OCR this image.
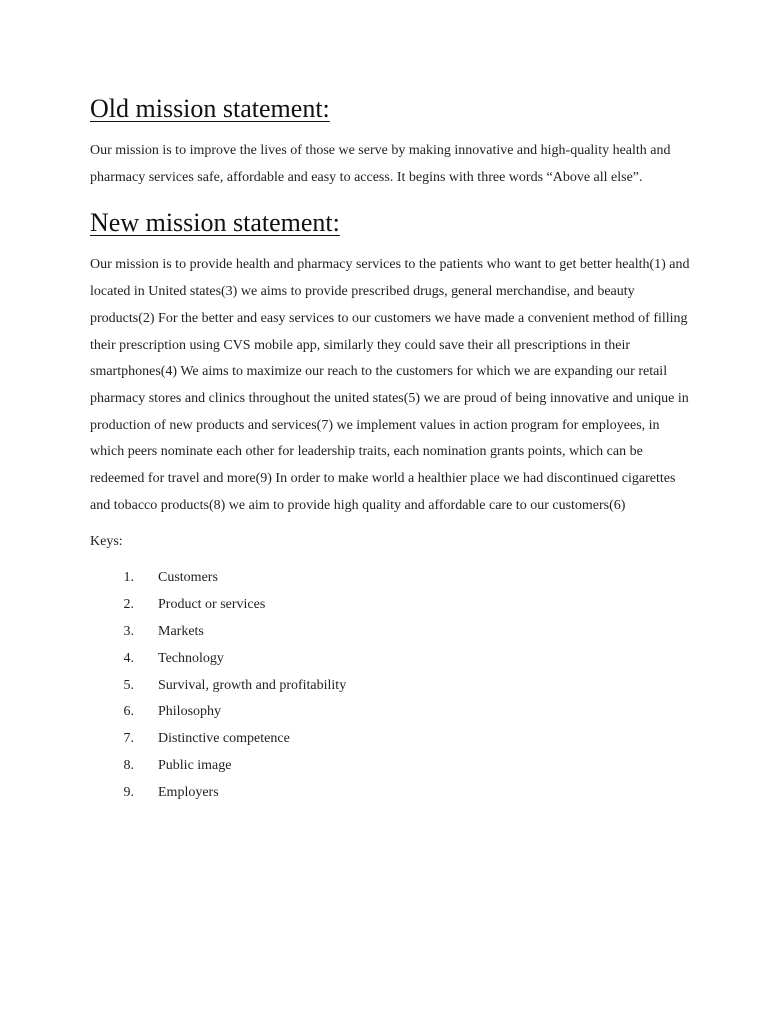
Old mission statement:

Our mission is to improve the lives of those we serve by making innovative and high-quality health and pharmacy services safe, affordable and easy to access. It begins with three words “Above all else”.

New mission statement:

Our mission is to provide health and pharmacy services to the patients who want to get better health(1) and located in United states(3) we aims to provide prescribed drugs, general merchandise, and beauty products(2) For the better and easy services to our customers we have made a convenient method of filling their prescription using CVS mobile app, similarly they could save their all prescriptions in their smartphones(4) We aims to maximize our reach to the customers for which we are expanding our retail pharmacy stores and clinics throughout the united states(5) we are proud of being innovative and unique in production of new products and services(7) we implement values in action program for employees, in which peers nominate each other for leadership traits, each nomination grants points, which can be redeemed for travel and more(9) In order to make world a healthier place we had discontinued cigarettes and tobacco products(8) we aim to provide high quality and affordable care to our customers(6)

Keys:

1.	Customers
2.	Product or services
3.	Markets
4.	Technology
5.	Survival, growth and profitability
6.	Philosophy
7.	Distinctive competence
8.	Public image
9.	Employers
